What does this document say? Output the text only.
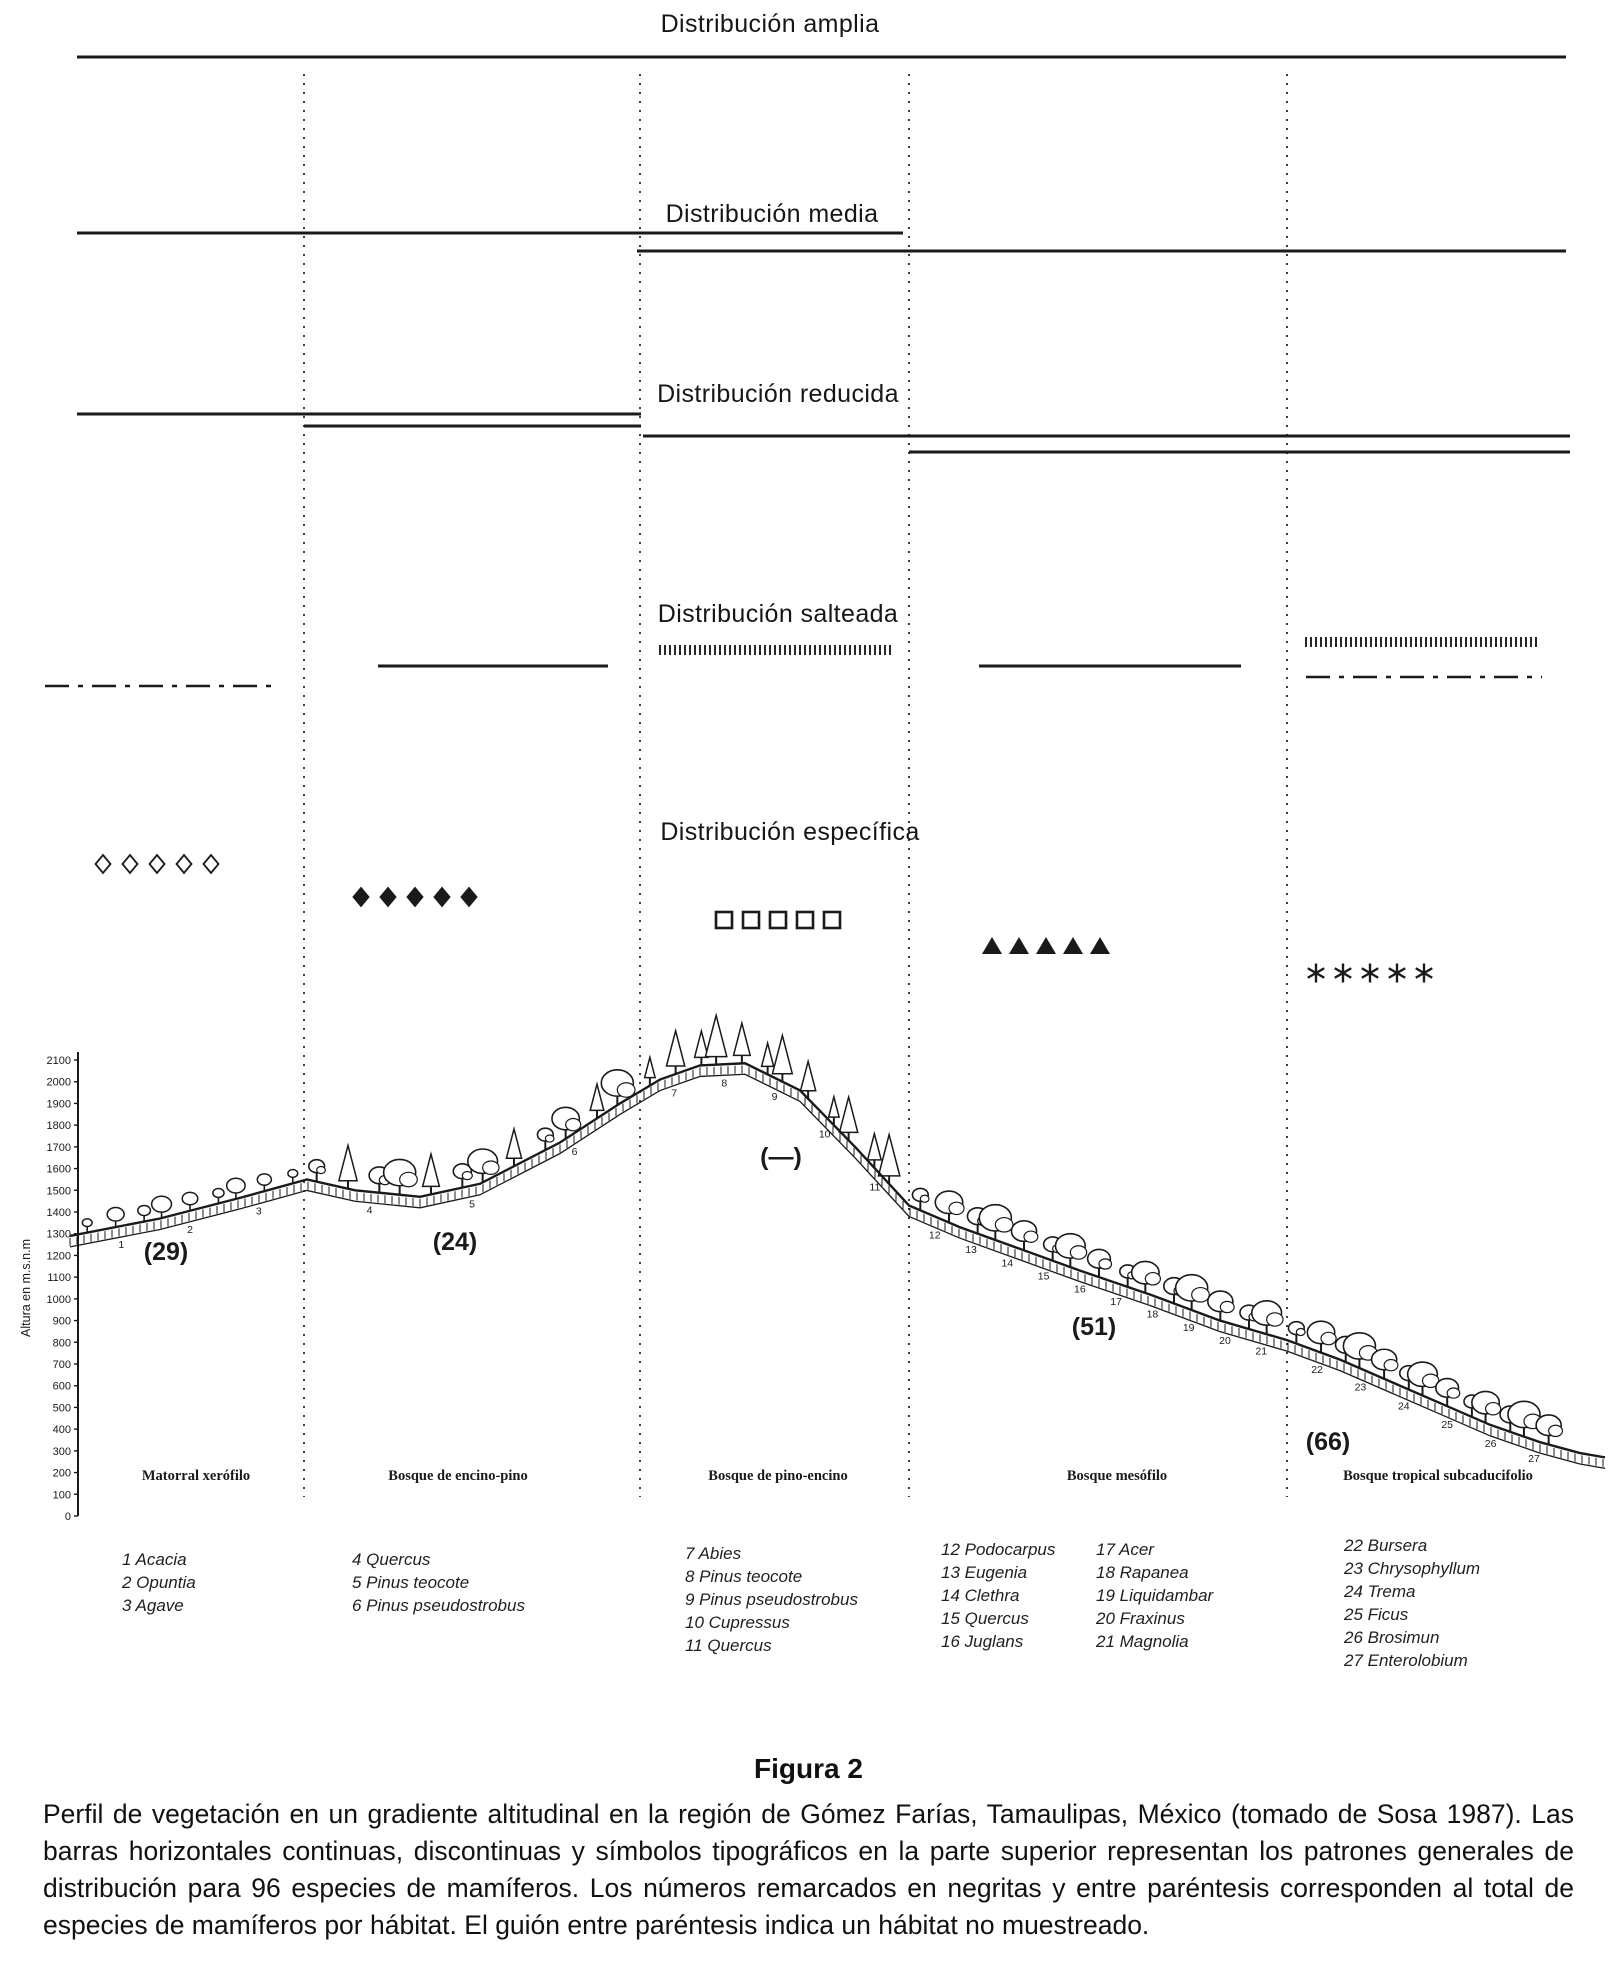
0
100
200
300
400
500
600
700
800
900
1000
1100
1200
1300
1400
1500
1600
1700
1800
1900
2000
2100
Altura en m.s.n.m	(29)
Matorral xerófilo
1
2
3
(24)
Bosque de encino-pino
4
5
6	(—)
Bosque de pino-encino
7
8
9
10
11
(51)
Bosque mesófilo
12
13
14
15
16
17
18
19
20
21
(66)
Bosque tropical subcaducifolio
22
23
24
25
26
27
Distribución amplia
Distribución media
Distribución reducida
Distribución salteada
Distribución específica
1 Acacia
2 Opuntia
3 Agave
4 Quercus
5 Pinus teocote
6 Pinus pseudostrobus
7 Abies
8 Pinus teocote
9 Pinus pseudostrobus
10 Cupressus
11 Quercus
12 Podocarpus
13 Eugenia
14 Clethra
15 Quercus
16 Juglans
17 Acer
18 Rapanea
19 Liquidambar
20 Fraxinus
21 Magnolia
22 Bursera
23 Chrysophyllum
24 Trema
25 Ficus
26 Brosimun
27 Enterolobium
Figura 2
Perfil de vegetación en un gradiente altitudinal en la región de Gómez Farías, Tamaulipas, México (tomado de Sosa 1987). Las barras horizontales continuas, discontinuas y símbolos tipográficos en la parte superior representan los patrones generales de distribución para 96 especies de mamíferos. Los números remarcados en negritas y entre paréntesis corresponden al total de especies de mamíferos por hábitat. El guión entre paréntesis indica un hábitat no muestreado.
